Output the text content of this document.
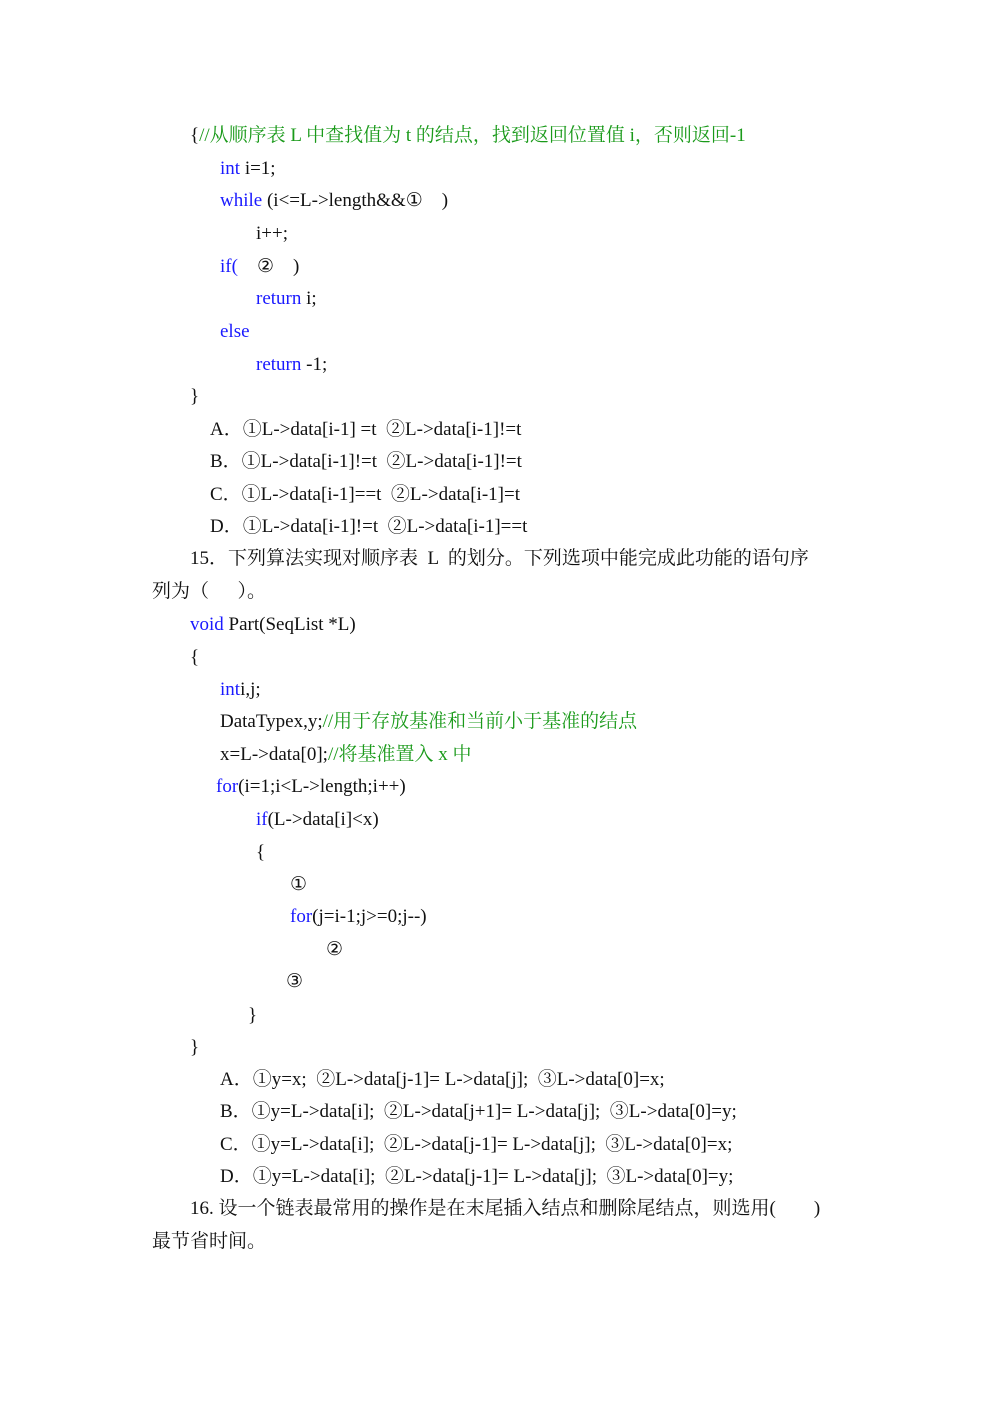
{//从顺序表 L 中查找值为 t 的结点，找到返回位置值 i，否则返回-1
int i=1;
while (i<=L->length&&①    )
i++;
if(    ②    )
return i;
else
return -1;
}
A．①L->data[i-1] =t  ②L->data[i-1]!=t
B．①L->data[i-1]!=t  ②L->data[i-1]!=t
C．①L->data[i-1]==t  ②L->data[i-1]=t
D．①L->data[i-1]!=t  ②L->data[i-1]==t
15．下列算法实现对顺序表  L  的划分。下列选项中能完成此功能的语句序
列为（      ）。
void Part(SeqList *L)
{
inti,j;
DataTypex,y;//用于存放基准和当前小于基准的结点
x=L->data[0];//将基准置入 x 中
for(i=1;i<L->length;i++)
if(L->data[i]<x)
{
①
for(j=i-1;j>=0;j--)
②
③
}
}
A．①y=x;  ②L->data[j-1]= L->data[j];  ③L->data[0]=x;
B．①y=L->data[i];  ②L->data[j+1]= L->data[j];  ③L->data[0]=y;
C．①y=L->data[i];  ②L->data[j-1]= L->data[j];  ③L->data[0]=x;
D．①y=L->data[i];  ②L->data[j-1]= L->data[j];  ③L->data[0]=y;
16. 设一个链表最常用的操作是在末尾插入结点和删除尾结点，则选用(        )
最节省时间。
